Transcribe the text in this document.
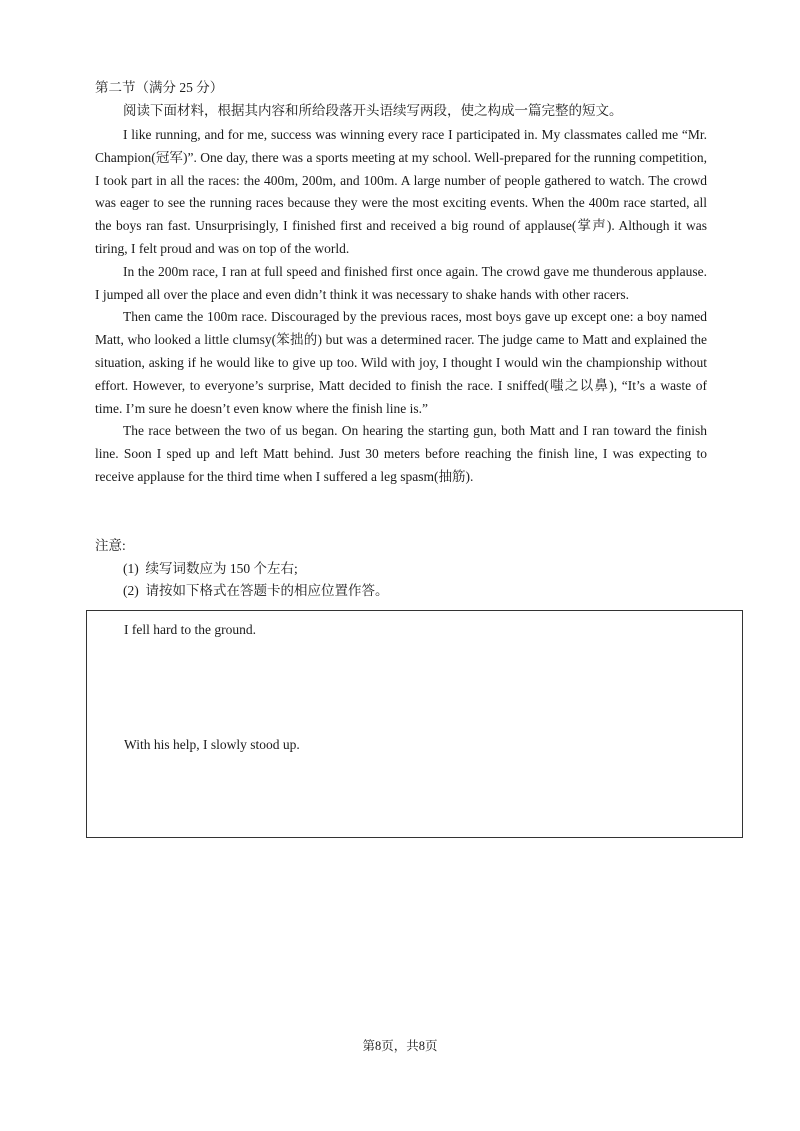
第二节（满分 25 分）
阅读下面材料，根据其内容和所给段落开头语续写两段，使之构成一篇完整的短文。

I like running, and for me, success was winning every race I participated in. My classmates called me “Mr. Champion(冠军)”. One day, there was a sports meeting at my school. Well-prepared for the running competition, I took part in all the races: the 400m, 200m, and 100m. A large number of people gathered to watch. The crowd was eager to see the running races because they were the most exciting events. When the 400m race started, all the boys ran fast. Unsurprisingly, I finished first and received a big round of applause(掌声). Although it was tiring, I felt proud and was on top of the world.

In the 200m race, I ran at full speed and finished first once again. The crowd gave me thunderous applause. I jumped all over the place and even didn’t think it was necessary to shake hands with other racers.

Then came the 100m race. Discouraged by the previous races, most boys gave up except one: a boy named Matt, who looked a little clumsy(笨拙的) but was a determined racer. The judge came to Matt and explained the situation, asking if he would like to give up too. Wild with joy, I thought I would win the championship without effort. However, to everyone’s surprise, Matt decided to finish the race. I sniffed(嗤之以鼻), “It’s a waste of time. I’m sure he doesn’t even know where the finish line is.”

The race between the two of us began. On hearing the starting gun, both Matt and I ran toward the finish line. Soon I sped up and left Matt behind. Just 30 meters before reaching the finish line, I was expecting to receive applause for the third time when I suffered a leg spasm(抽筋).

注意:
(1)  续写词数应为 150 个左右;
(2)  请按如下格式在答题卡的相应位置作答。
I fell hard to the ground.
With his help, I slowly stood up.
第8页，共8页
